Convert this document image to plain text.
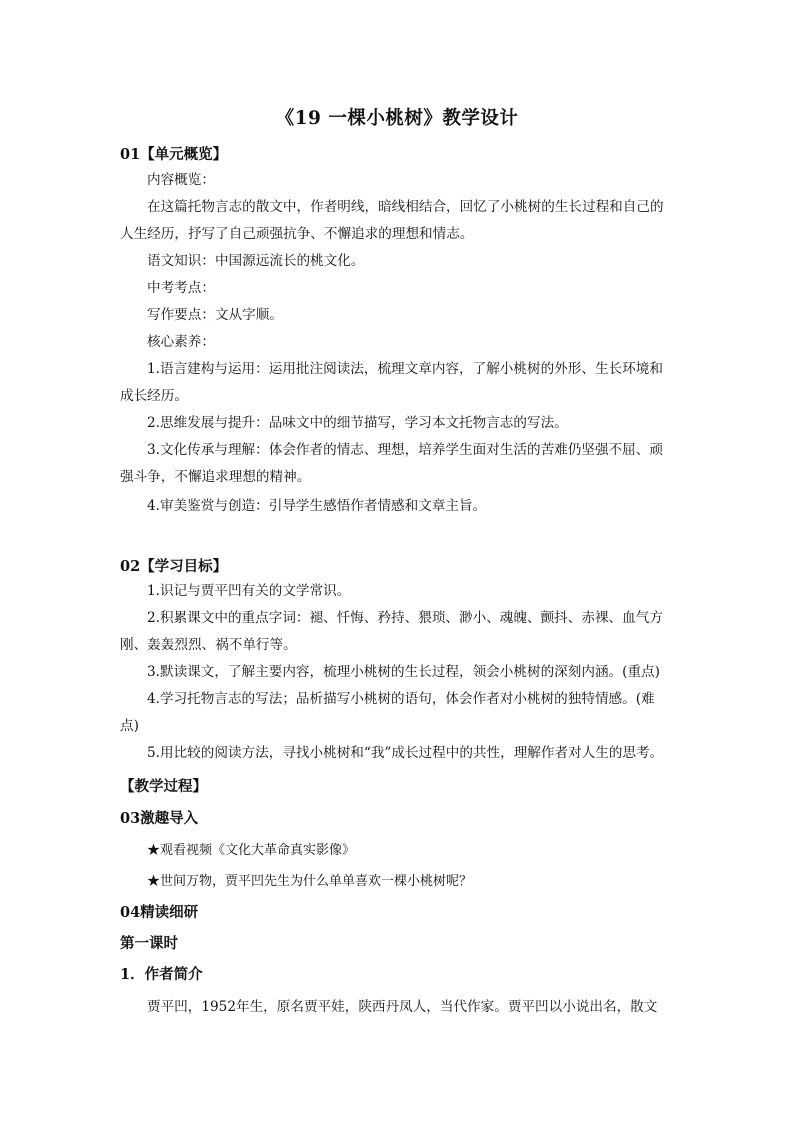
《19 一棵小桃树》教学设计
01【单元概览】
内容概览：
在这篇托物言志的散文中，作者明线，暗线相结合，回忆了小桃树的生长过程和自己的
人生经历，抒写了自己顽强抗争、不懈追求的理想和情志。
语文知识：中国源远流长的桃文化。
中考考点：
写作要点：文从字顺。
核心素养：
1.语言建构与运用：运用批注阅读法，梳理文章内容，了解小桃树的外形、生长环境和
成长经历。
2.思维发展与提升：品味文中的细节描写，学习本文托物言志的写法。
3.文化传承与理解：体会作者的情志、理想，培养学生面对生活的苦难仍坚强不屈、顽
强斗争，不懈追求理想的精神。
4.审美鉴赏与创造：引导学生感悟作者情感和文章主旨。
02【学习目标】
1.识记与贾平凹有关的文学常识。
2.积累课文中的重点字词：褪、忏悔、矜持、猥琐、渺小、魂魄、颤抖、赤裸、血气方
刚、轰轰烈烈、祸不单行等。
3.默读课文，了解主要内容，梳理小桃树的生长过程，领会小桃树的深刻内涵。(重点)
4.学习托物言志的写法；品析描写小桃树的语句，体会作者对小桃树的独特情感。(难
点)
5.用比较的阅读方法，寻找小桃树和“我”成长过程中的共性，理解作者对人生的思考。
【教学过程】
03激趣导入
★观看视频《文化大革命真实影像》
★世间万物，贾平凹先生为什么单单喜欢一棵小桃树呢？
04精读细研
第一课时
1．作者简介
贾平凹，1952年生，原名贾平娃，陕西丹凤人，当代作家。贾平凹以小说出名，散文
